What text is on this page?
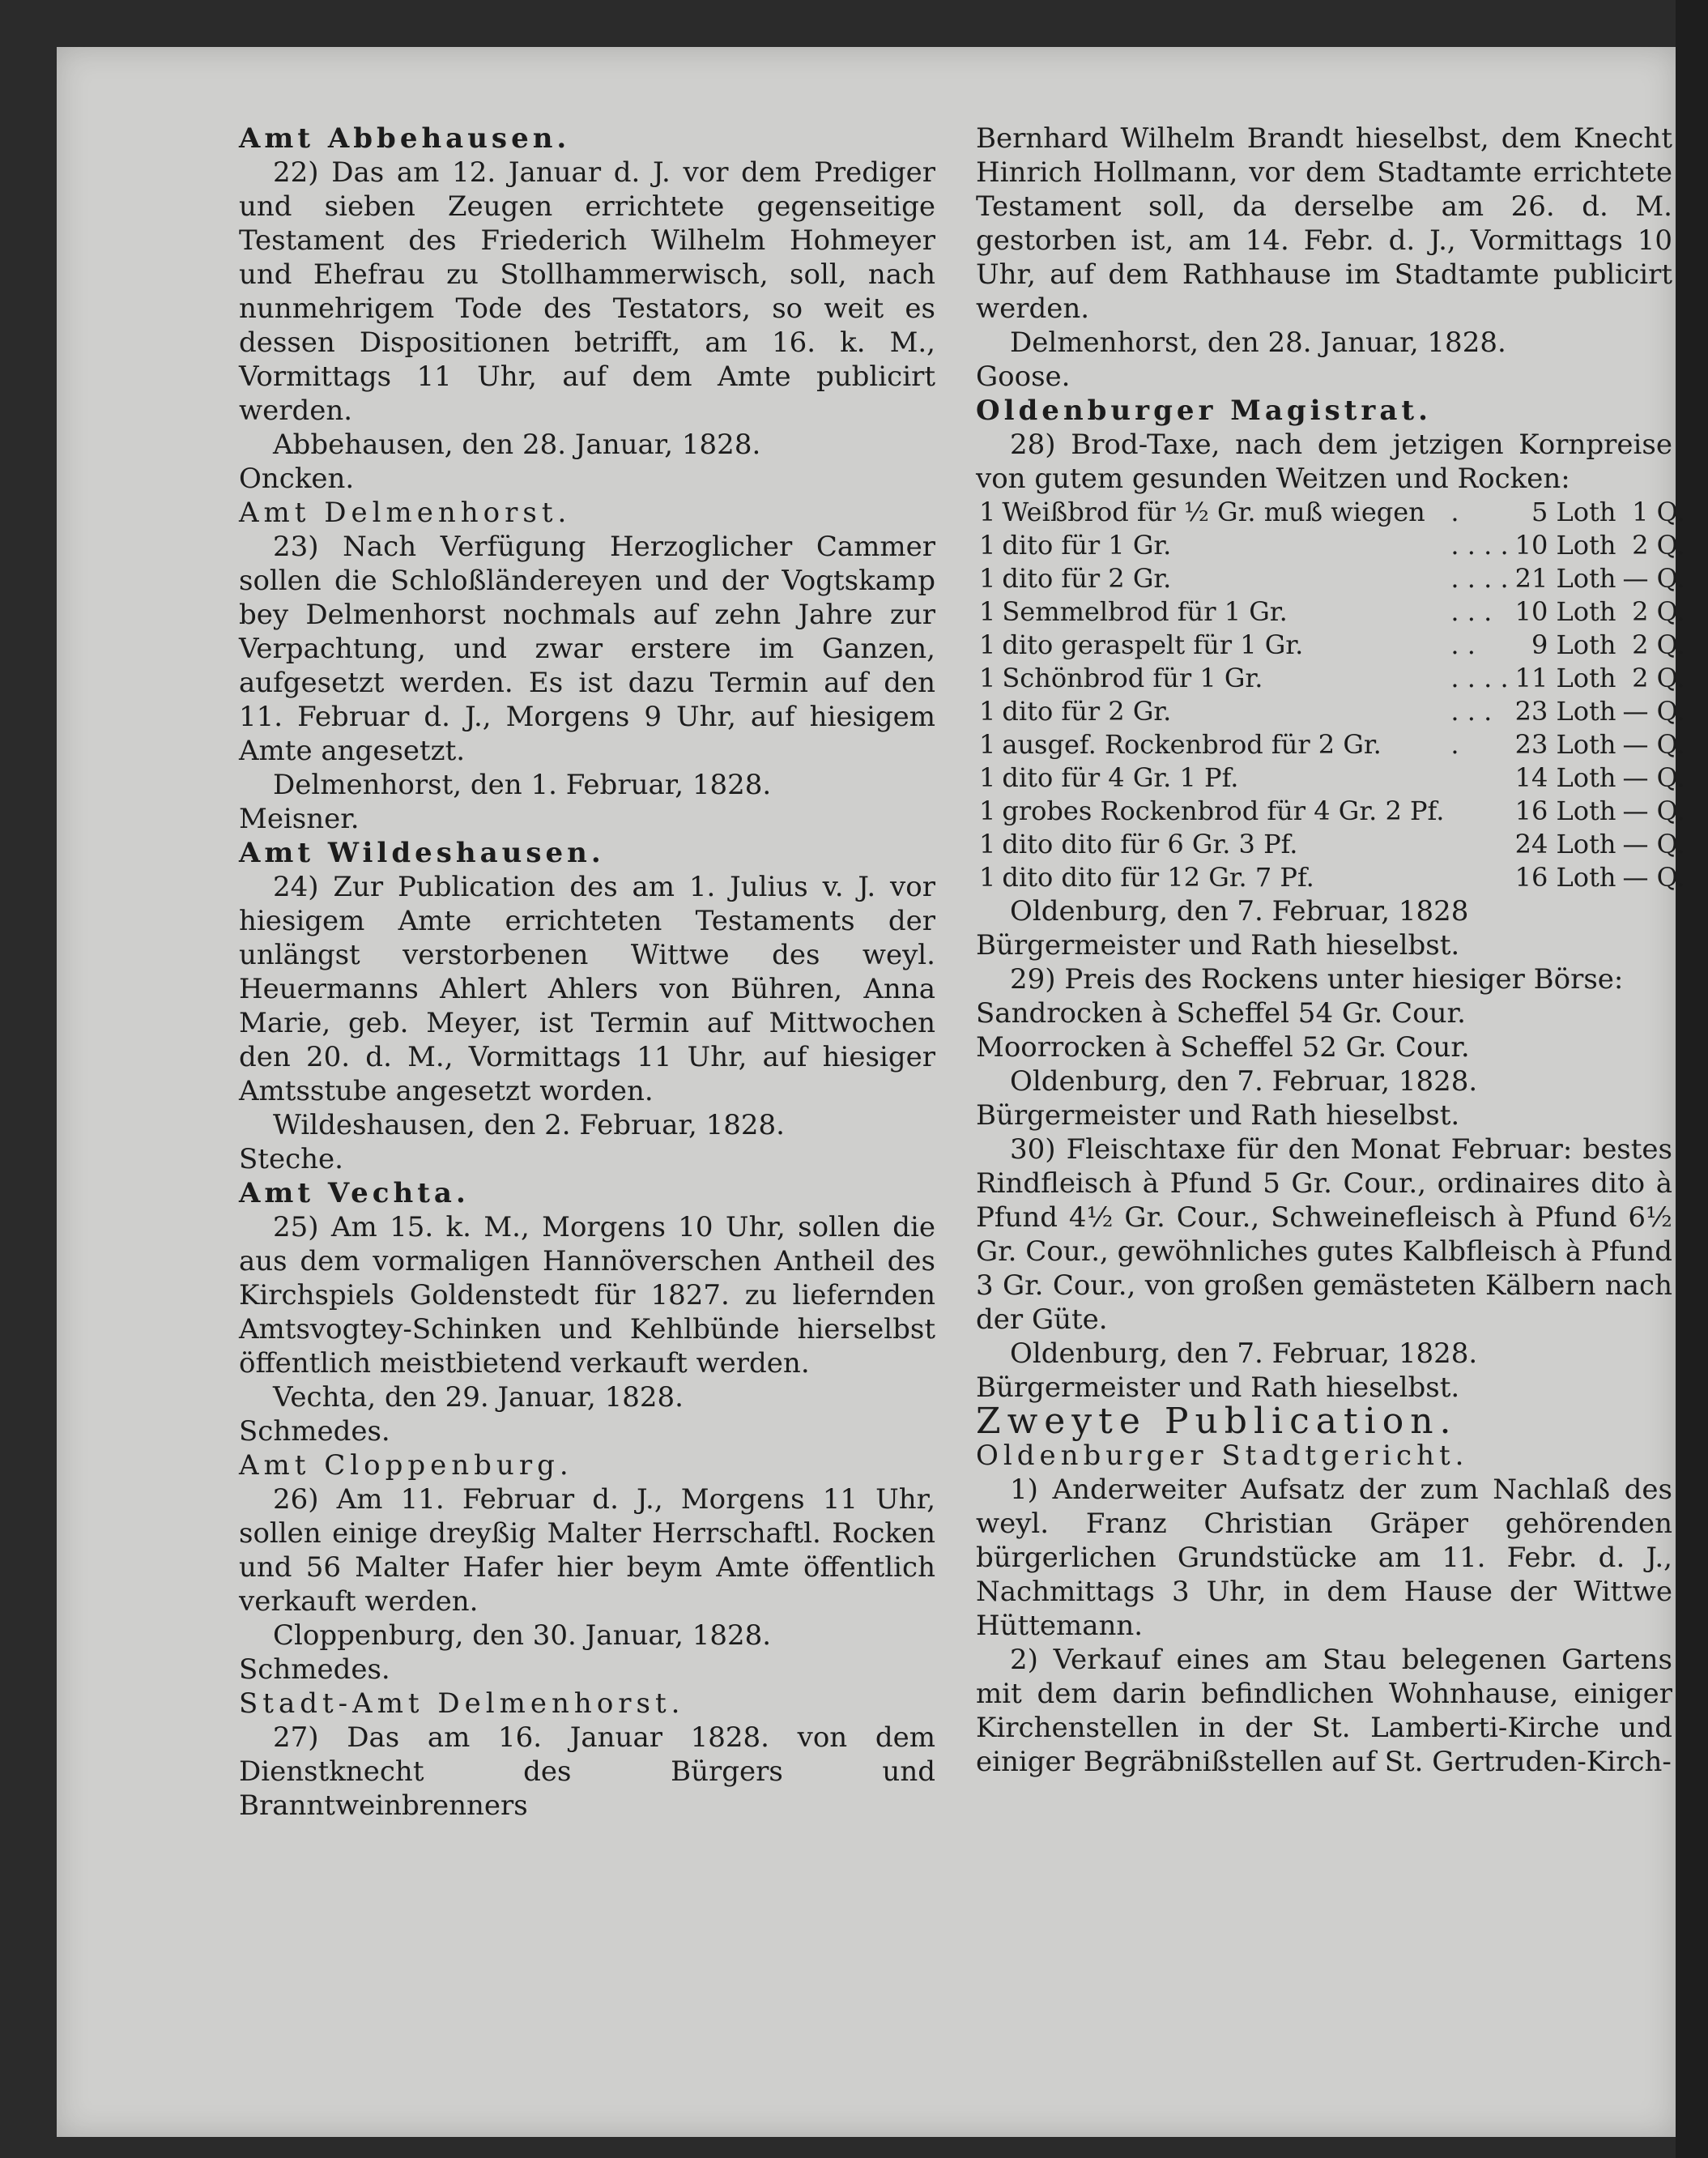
Amt Abbehausen.

22) Das am 12. Januar d. J. vor dem Prediger und sieben Zeugen errichtete gegenseitige Testament des Friederich Wilhelm Hohmeyer und Ehefrau zu Stollhammerwisch, soll, nach nunmehrigem Tode des Testators, so weit es dessen Dispositionen betrifft, am 16. k. M., Vormittags 11 Uhr, auf dem Amte publicirt werden.

Abbehausen, den 28. Januar, 1828.

Oncken.

Amt Delmenhorst.

23) Nach Verfügung Herzoglicher Cammer sollen die Schloßländereyen und der Vogtskamp bey Delmenhorst nochmals auf zehn Jahre zur Verpachtung, und zwar erstere im Ganzen, aufgesetzt werden. Es ist dazu Termin auf den 11. Februar d. J., Morgens 9 Uhr, auf hiesigem Amte angesetzt.

Delmenhorst, den 1. Februar, 1828.

Meisner.

Amt Wildeshausen.

24) Zur Publication des am 1. Julius v. J. vor hiesigem Amte errichteten Testaments der unlängst verstorbenen Wittwe des weyl. Heuermanns Ahlert Ahlers von Bühren, Anna Marie, geb. Meyer, ist Termin auf Mittwochen den 20. d. M., Vormittags 11 Uhr, auf hiesiger Amtsstube angesetzt worden.

Wildeshausen, den 2. Februar, 1828.

Steche.

Amt Vechta.

25) Am 15. k. M., Morgens 10 Uhr, sollen die aus dem vormaligen Hannöverschen Antheil des Kirchspiels Goldenstedt für 1827. zu liefernden Amtsvogtey-Schinken und Kehlbünde hierselbst öffentlich meistbietend verkauft werden.

Vechta, den 29. Januar, 1828.

Schmedes.

Amt Cloppenburg.

26) Am 11. Februar d. J., Morgens 11 Uhr, sollen einige dreyßig Malter Herrschaftl. Rocken und 56 Malter Hafer hier beym Amte öffentlich verkauft werden.

Cloppenburg, den 30. Januar, 1828.

Schmedes.

Stadt-Amt Delmenhorst.

27) Das am 16. Januar 1828. von dem Dienstknecht des Bürgers und Branntweinbrenners

Bernhard Wilhelm Brandt hieselbst, dem Knecht Hinrich Hollmann, vor dem Stadtamte errichtete Testament soll, da derselbe am 26. d. M. gestorben ist, am 14. Febr. d. J., Vormittags 10 Uhr, auf dem Rathhause im Stadtamte publicirt werden.

Delmenhorst, den 28. Januar, 1828.

Goose.

Oldenburger Magistrat.

28) Brod-Taxe, nach dem jetzigen Kornpreise von gutem gesunden Weitzen und Rocken:

1	Weißbrod für ½ Gr. muß wiegen	.	5 Loth	1 Q.
1	dito für 1 Gr.	. . . .	10 Loth	2 Q.
1	dito für 2 Gr.	. . . .	21 Loth	— Q.
1	Semmelbrod für 1 Gr.	. . .	10 Loth	2 Q.
1	dito geraspelt für 1 Gr.	. .	9 Loth	2 Q.
1	Schönbrod für 1 Gr.	. . . .	11 Loth	2 Q.
1	dito für 2 Gr.	. . .	23 Loth	— Q.
1	ausgef. Rockenbrod für 2 Gr.	.	23 Loth	— Q.
1	dito für 4 Gr. 1 Pf.		14 Loth	— Q.
1	grobes Rockenbrod für 4 Gr. 2 Pf.		16 Loth	— Q.
1	dito dito für 6 Gr. 3 Pf.		24 Loth	— Q.
1	dito dito für 12 Gr. 7 Pf.		16 Loth	— Q.

Oldenburg, den 7. Februar, 1828

Bürgermeister und Rath hieselbst.

29) Preis des Rockens unter hiesiger Börse:

Sandrocken à Scheffel 54 Gr. Cour.

Moorrocken à Scheffel 52 Gr. Cour.

Oldenburg, den 7. Februar, 1828.

Bürgermeister und Rath hieselbst.

30) Fleischtaxe für den Monat Februar: bestes Rindfleisch à Pfund 5 Gr. Cour., ordinaires dito à Pfund 4½ Gr. Cour., Schweinefleisch à Pfund 6½ Gr. Cour., gewöhnliches gutes Kalbfleisch à Pfund 3 Gr. Cour., von großen gemästeten Kälbern nach der Güte.

Oldenburg, den 7. Februar, 1828.

Bürgermeister und Rath hieselbst.

Zweyte Publication.

Oldenburger Stadtgericht.

1) Anderweiter Aufsatz der zum Nachlaß des weyl. Franz Christian Gräper gehörenden bürgerlichen Grundstücke am 11. Febr. d. J., Nachmittags 3 Uhr, in dem Hause der Wittwe Hüttemann.

2) Verkauf eines am Stau belegenen Gartens mit dem darin befindlichen Wohnhause, einiger Kirchenstellen in der St. Lamberti-Kirche und einiger Begräbnißstellen auf St. Gertruden-Kirch-
